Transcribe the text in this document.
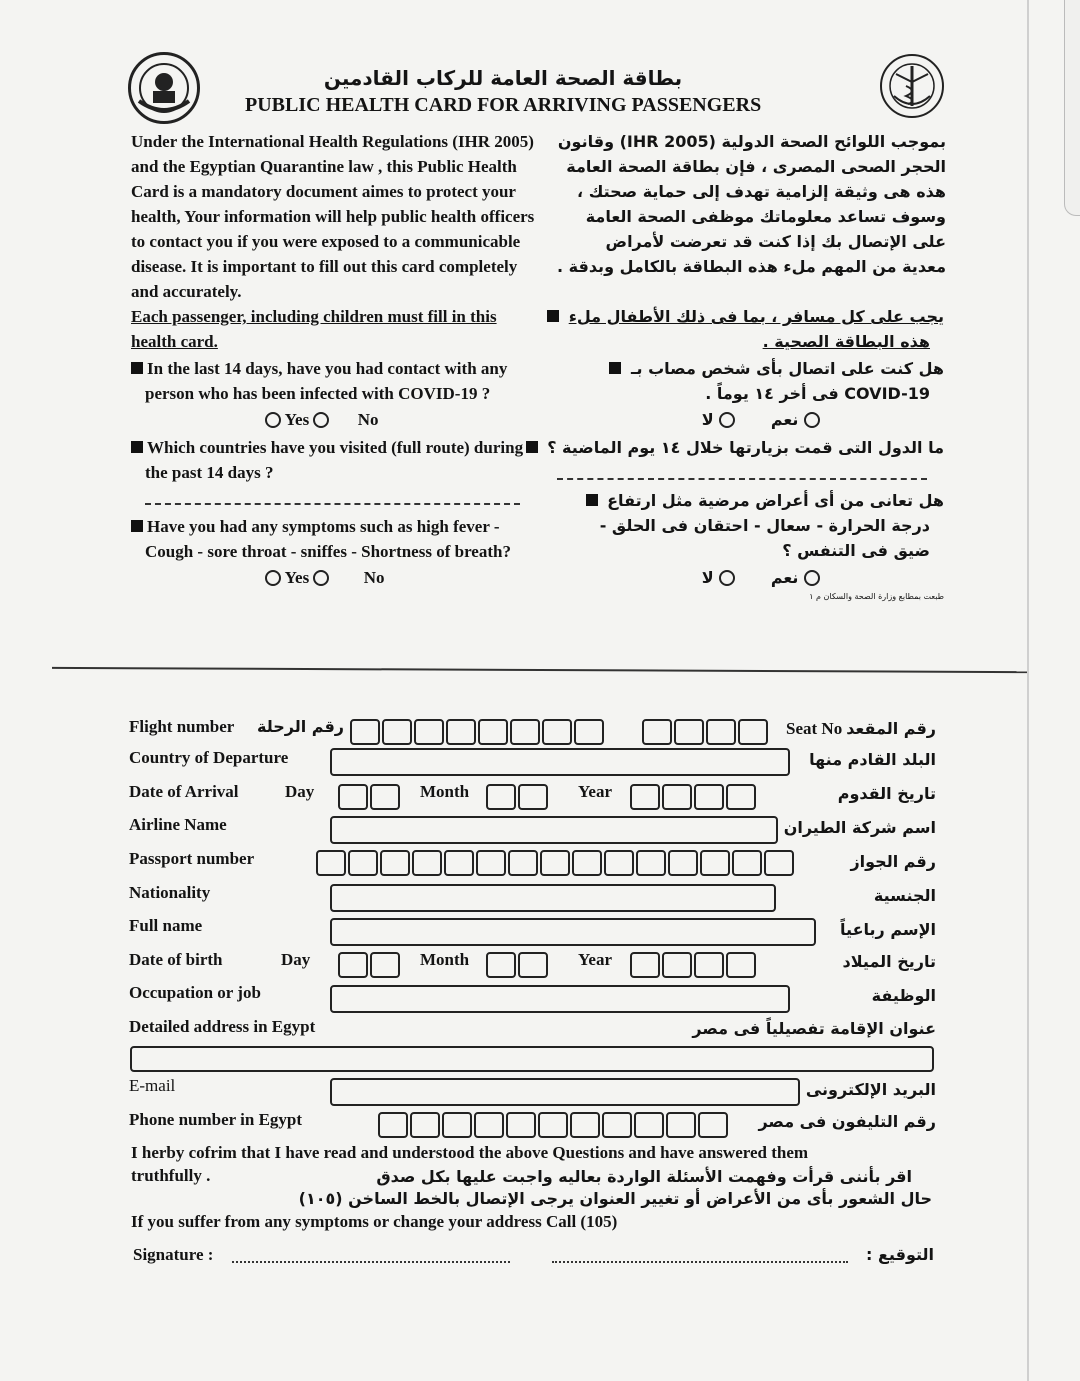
بطاقة الصحة العامة للركاب القادمين
PUBLIC HEALTH CARD FOR ARRIVING PASSENGERS
Under the International Health Regulations (IHR 2005)
and the Egyptian Quarantine law , this Public Health
Card is a mandatory document aimes to protect your
health, Your information will help public health officers
to contact you if you were exposed to a communicable
disease. It is important to fill out this card completely
and accurately.
بموجب اللوائح الصحة الدولية (IHR 2005) وقانون
الحجر الصحى المصرى ، فإن بطاقة الصحة العامة
هذه هى وثيقة إلزامية تهدف إلى حماية صحتك ،
وسوف تساعد معلوماتك موظفى الصحة العامة
على الإتصال بك إذا كنت قد تعرضت لأمراض
معدية من المهم ملء هذه البطاقة بالكامل وبدقة .
Each passenger, including children must fill in this
health card.
يجب على كل مسافر ، بما فى ذلك الأطفال ملء
هذه البطاقة الصحية .
In the last 14 days, have you had contact with any
person who has been infected with COVID-19 ?
Yes	No
هل كنت على اتصال بأى شخص مصاب بـ
COVID-19 فى أخر ١٤ يوماً .
نعم  لا
Which countries have you visited (full route) during
the past 14 days ?
ما الدول التى قمت بزيارتها خلال ١٤ يوم الماضية ؟
Have you had any symptoms such as high fever -
Cough - sore throat - sniffes - Shortness of breath?
Yes	No
هل تعانى من أى أعراض مرضية مثل ارتفاع
درجة الحرارة - سعال - احتقان فى الحلق -
ضيق فى التنفس ؟
نعم  لا
طبعت بمطابع وزارة الصحة والسكان م ١
Flight number رقم الرحلة	Seat No رقم المقعد
Country of Departure	البلد القادم منها
Date of Arrival	Day	Month	Year	تاريخ القدوم
Airline Name	اسم شركة الطيران
Passport number	رقم الجواز
Nationality	الجنسية
Full name	الإسم رباعياً
Date of birth	Day	Month	Year	تاريخ الميلاد
Occupation or job	الوظيفة
Detailed address in Egypt	عنوان الإقامة تفصيلياً فى مصر
E-mail	البريد الإلكترونى
Phone number in Egypt	رقم التليفون فى مصر
I herby cofrim that I have read and understood the above Questions and have answered them
truthfully .	اقر بأننى قرأت وفهمت الأسئلة الواردة بعاليه واجبت عليها بكل صدق
حال الشعور بأى من الأعراض أو تغيير العنوان يرجى الإتصال بالخط الساخن (١٠٥)
If you suffer from any symptoms or change your address Call (105)
Signature :	التوقيع :
